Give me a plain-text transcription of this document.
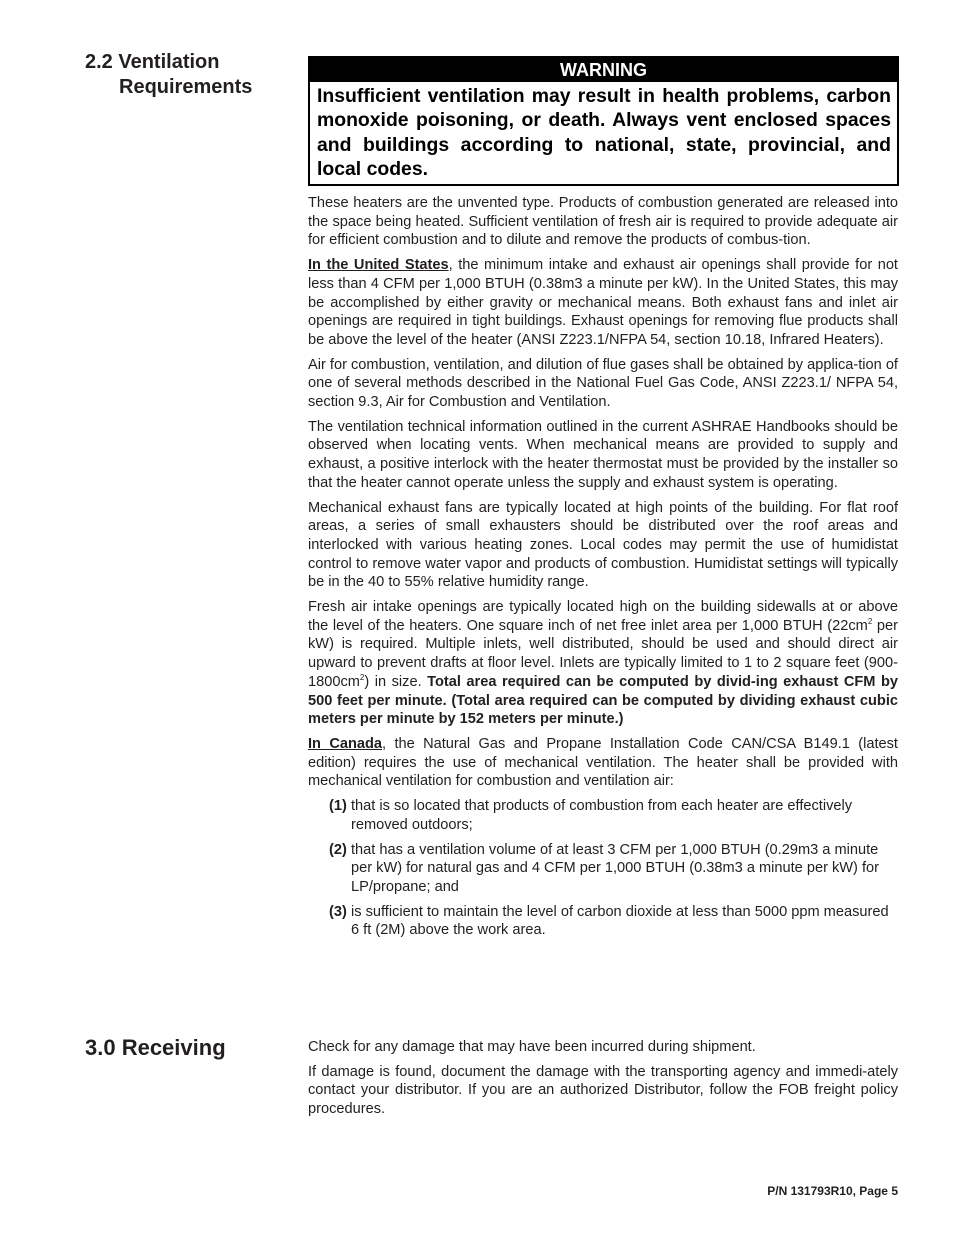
2.2 Ventilation
Requirements
WARNING
Insufficient ventilation may result in health problems, carbon monoxide poisoning, or death. Always vent enclosed spaces and buildings according to national, state, provincial, and local codes.

These heaters are the unvented type. Products of combustion generated are released into the space being heated. Sufficient ventilation of fresh air is required to provide adequate air for efficient combustion and to dilute and remove the products of combus-tion.

In the United States, the minimum intake and exhaust air openings shall provide for not less than 4 CFM per 1,000 BTUH (0.38m3 a minute per kW). In the United States, this may be accomplished by either gravity or mechanical means. Both exhaust fans and inlet air openings are required in tight buildings. Exhaust openings for removing flue products shall be above the level of the heater (ANSI Z223.1/NFPA 54, section 10.18, Infrared Heaters).

Air for combustion, ventilation, and dilution of flue gases shall be obtained by applica-tion of one of several methods described in the National Fuel Gas Code, ANSI Z223.1/ NFPA 54, section 9.3, Air for Combustion and Ventilation.

The ventilation technical information outlined in the current ASHRAE Handbooks should be observed when locating vents. When mechanical means are provided to supply and exhaust, a positive interlock with the heater thermostat must be provided by the installer so that the heater cannot operate unless the supply and exhaust system is operating.

Mechanical exhaust fans are typically located at high points of the building. For flat roof areas, a series of small exhausters should be distributed over the roof areas and interlocked with various heating zones. Local codes may permit the use of humidistat control to remove water vapor and products of combustion. Humidistat settings will typically be in the 40 to 55% relative humidity range.

Fresh air intake openings are typically located high on the building sidewalls at or above the level of the heaters. One square inch of net free inlet area per 1,000 BTUH ($22cm^2$ per kW) is required. Multiple inlets, well distributed, should be used and should direct air upward to prevent drafts at floor level. Inlets are typically limited to 1 to 2 square feet $(900-1800cm^2)$ in size. Total area required can be computed by divid-ing exhaust CFM by 500 feet per minute. (Total area required can be computed by dividing exhaust cubic meters per minute by 152 meters per minute.)

In Canada, the Natural Gas and Propane Installation Code CAN/CSA B149.1 (latest edition) requires the use of mechanical ventilation. The heater shall be provided with mechanical ventilation for combustion and ventilation air:

(1) that is so located that products of combustion from each heater are effectively removed outdoors;
(2) that has a ventilation volume of at least 3 CFM per 1,000 BTUH (0.29m3 a minute per kW) for natural gas and 4 CFM per 1,000 BTUH (0.38m3 a minute per kW) for LP/propane; and
(3) is sufficient to maintain the level of carbon dioxide at less than 5000 ppm measured 6 ft (2M) above the work area.
3.0 Receiving	Check for any damage that may have been incurred during shipment.

If damage is found, document the damage with the transporting agency and immedi-ately contact your distributor. If you are an authorized Distributor, follow the FOB freight policy procedures.

P/N 131793R10, Page 5
